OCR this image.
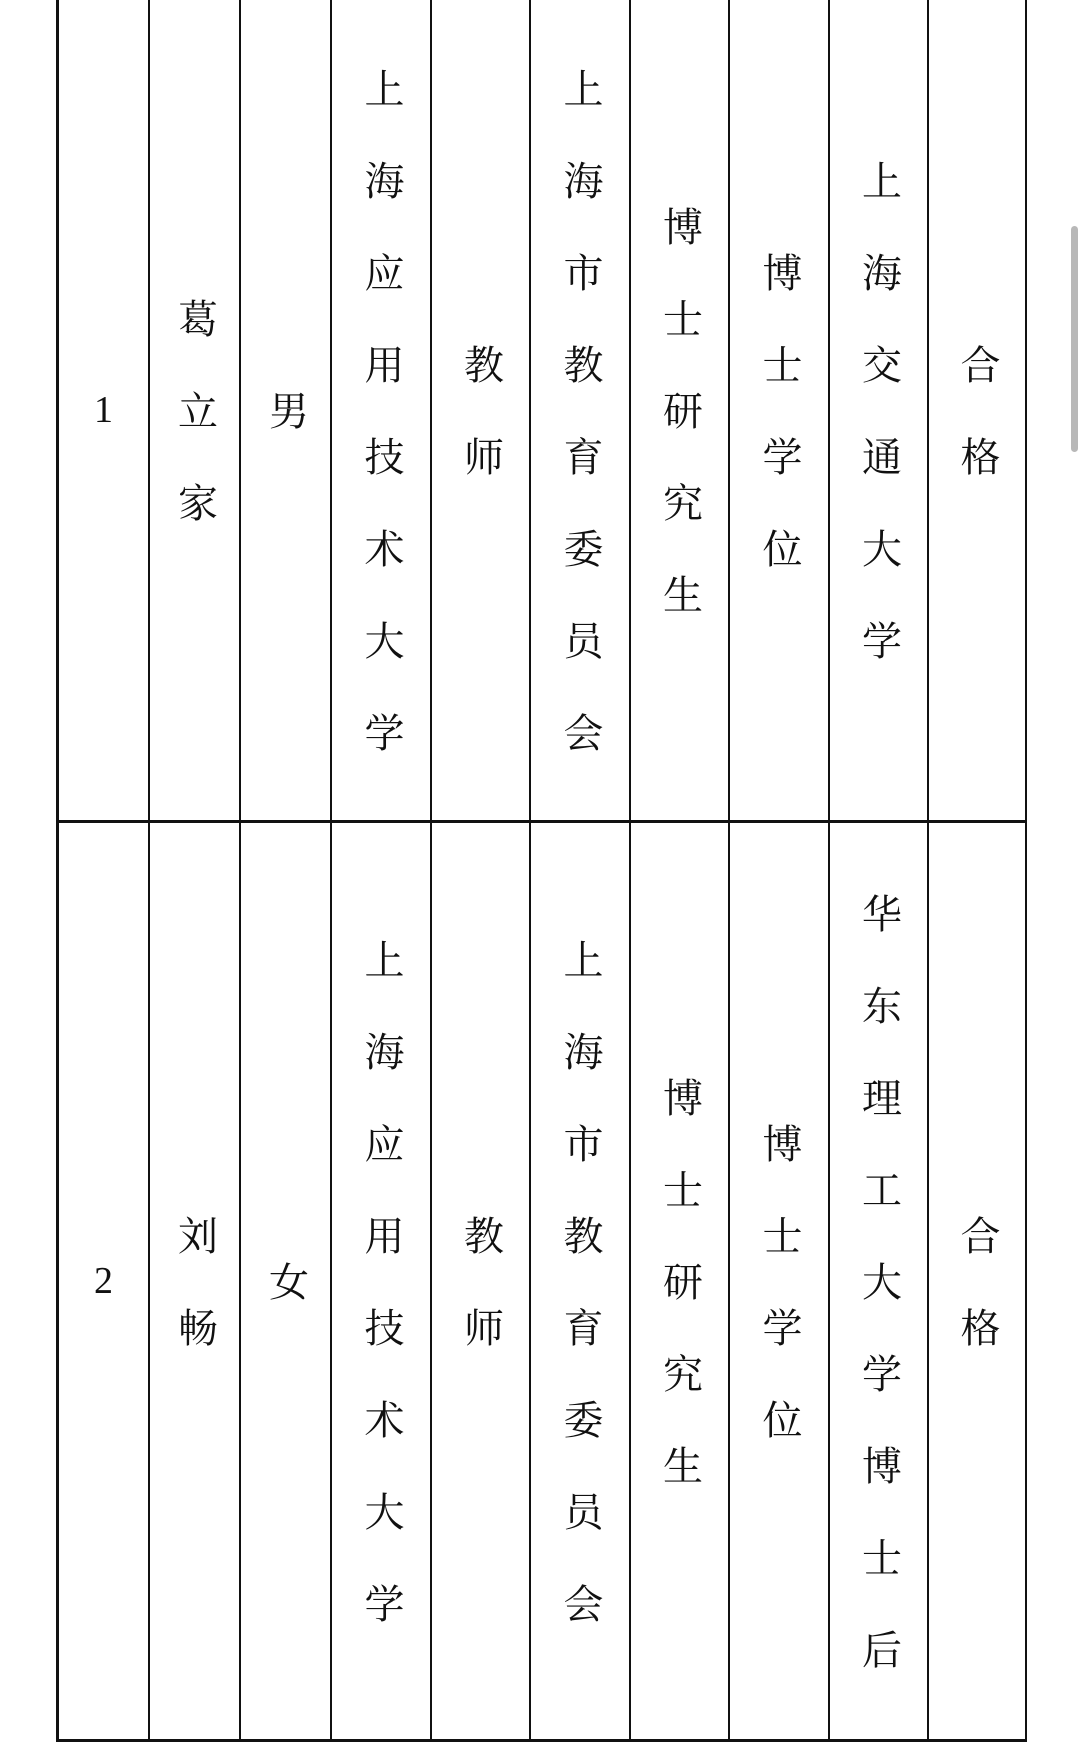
1 葛立家 男 上海应用技术大学 教师 上海市教育委员会 博士研究生 博士学位 上海交通大学 合格
2 刘畅 女 上海应用技术大学 教师 上海市教育委员会 博士研究生 博士学位 华东理工大学博士后 合格
